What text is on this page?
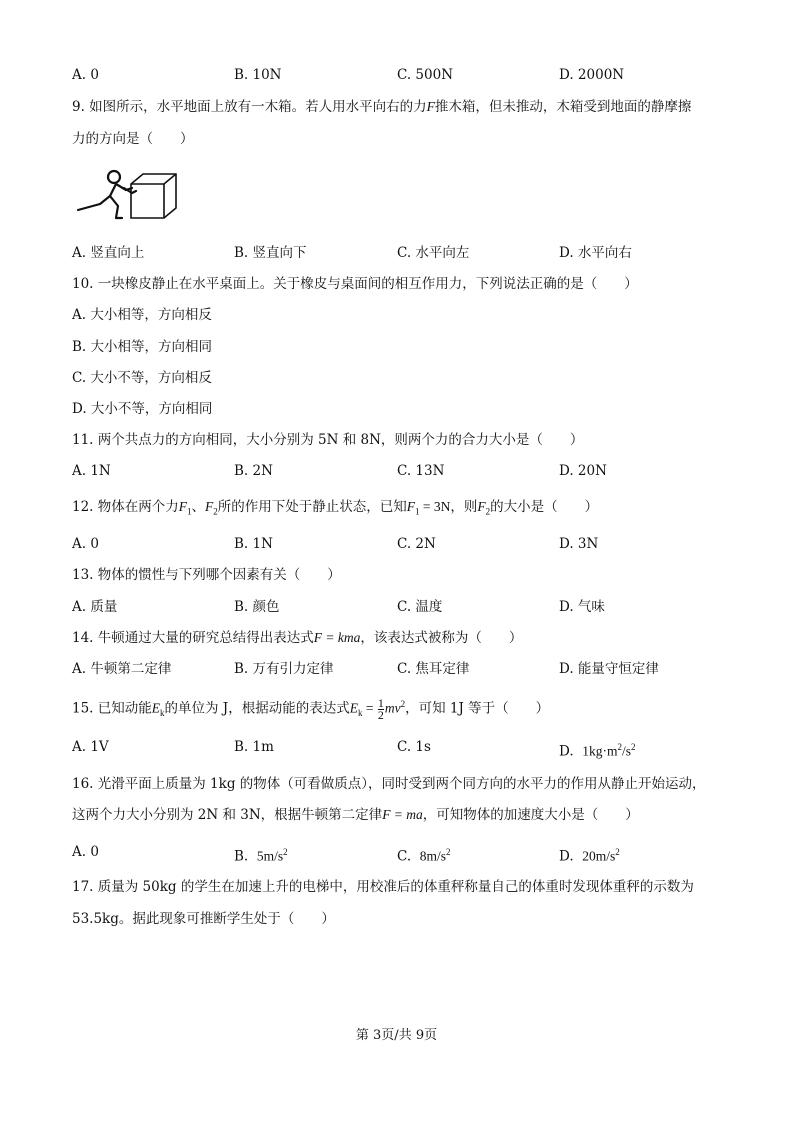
A. 0	B. 10N	C. 500N	D. 2000N
9. 如图所示，水平地面上放有一木箱。若人用水平向右的力F推木箱，但未推动，木箱受到地面的静摩擦
力的方向是（　　）
A. 竖直向上	B. 竖直向下	C. 水平向左	D. 水平向右
10. 一块橡皮静止在水平桌面上。关于橡皮与桌面间的相互作用力，下列说法正确的是（　　）
A. 大小相等，方向相反
B. 大小相等，方向相同
C. 大小不等，方向相反
D. 大小不等，方向相同
11. 两个共点力的方向相同，大小分别为 5N 和 8N，则两个力的合力大小是（　　）
A. 1N	B. 2N	C. 13N	D. 20N
12. 物体在两个力$F_1$、$F_2$所的作用下处于静止状态，已知$F_1 = 3N$，则$F_2$的大小是（　　）
A. 0	B. 1N	C. 2N	D. 3N
13. 物体的惯性与下列哪个因素有关（　　）
A. 质量	B. 颜色	C. 温度	D. 气味
14. 牛顿通过大量的研究总结得出表达式F = kma，该表达式被称为（　　）
A. 牛顿第二定律	B. 万有引力定律	C. 焦耳定律	D. 能量守恒定律
15. 已知动能$E_k$的单位为 J，根据动能的表达式$E_k = \frac{1}{2} mv^2$，可知 1J 等于（　　）
A. 1V	B. 1m	C. 1s	D. $1kg\cdot m^2/s^2$
16. 光滑平面上质量为 1kg 的物体（可看做质点），同时受到两个同方向的水平力的作用从静止开始运动，
这两个力大小分别为 2N 和 3N，根据牛顿第二定律F = ma，可知物体的加速度大小是（　　）
A. 0	B. $5m/s^2$	C. $8m/s^2$	D. $20m/s^2$
17. 质量为 50kg 的学生在加速上升的电梯中，用校准后的体重秤称量自己的体重时发现体重秤的示数为
53.5kg。据此现象可推断学生处于（　　）
第 3页/共 9页
